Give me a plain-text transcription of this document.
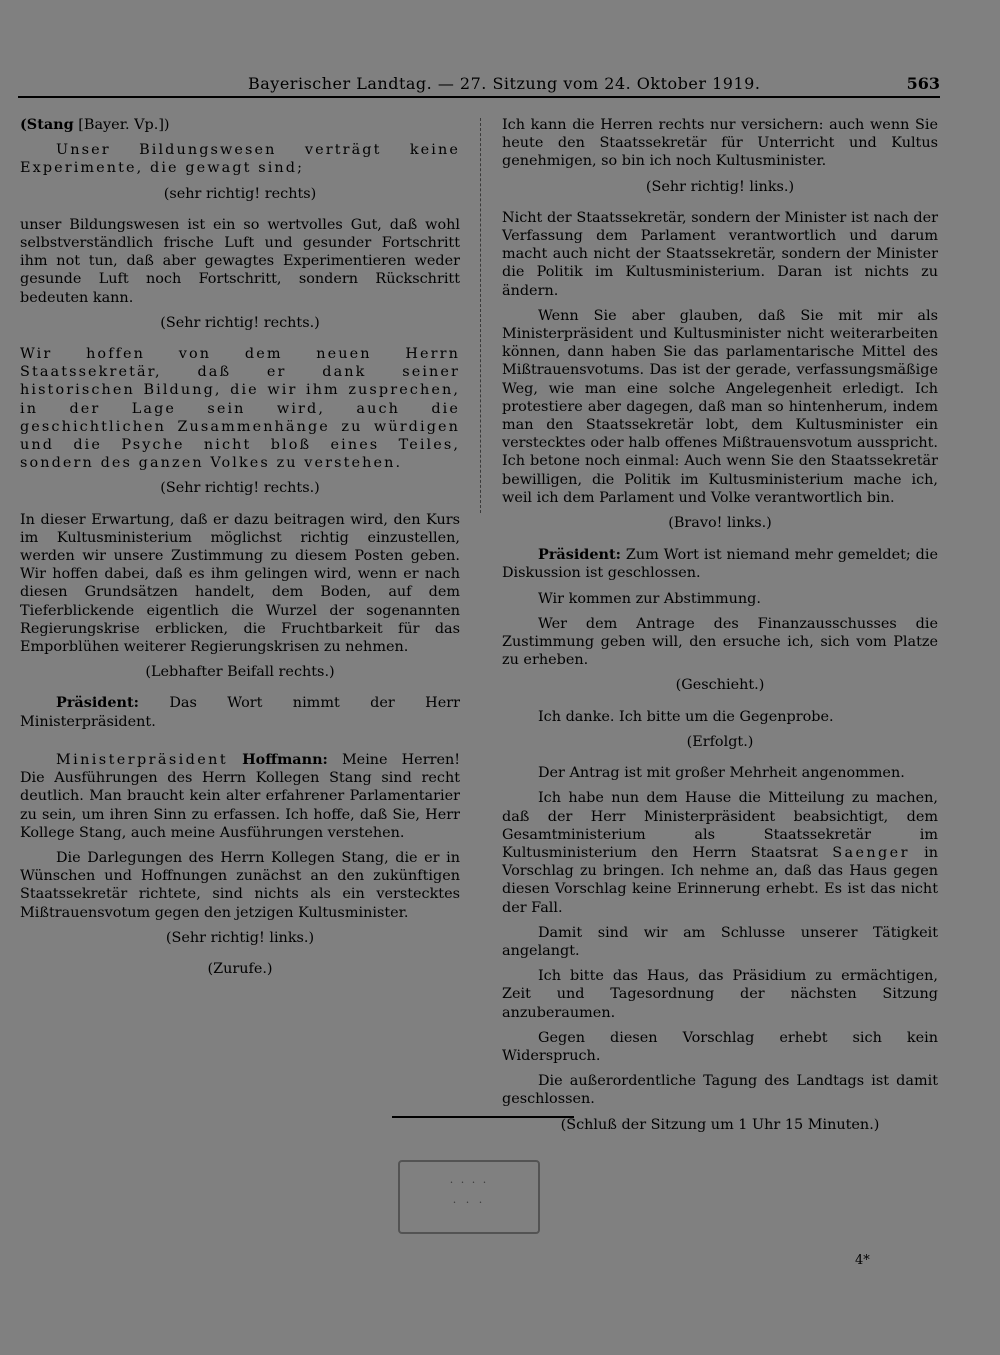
Bayerischer Landtag. — 27. Sitzung vom 24. Oktober 1919.	563

(Stang [Bayer. Vp.])

Unser Bildungswesen verträgt keine Experimente, die gewagt sind;

(sehr richtig! rechts)

unser Bildungswesen ist ein so wertvolles Gut, daß wohl selbstverständlich frische Luft und gesunder Fortschritt ihm not tun, daß aber gewagtes Experimentieren weder gesunde Luft noch Fortschritt, sondern Rückschritt bedeuten kann.

(Sehr richtig! rechts.)

Wir hoffen von dem neuen Herrn Staatssekretär, daß er dank seiner historischen Bildung, die wir ihm zusprechen, in der Lage sein wird, auch die geschichtlichen Zusammenhänge zu würdigen und die Psyche nicht bloß eines Teiles, sondern des ganzen Volkes zu verstehen.

(Sehr richtig! rechts.)

In dieser Erwartung, daß er dazu beitragen wird, den Kurs im Kultusministerium möglichst richtig einzustellen, werden wir unsere Zustimmung zu diesem Posten geben. Wir hoffen dabei, daß es ihm gelingen wird, wenn er nach diesen Grundsätzen handelt, dem Boden, auf dem Tieferblickende eigentlich die Wurzel der sogenannten Regierungskrise erblicken, die Fruchtbarkeit für das Emporblühen weiterer Regierungskrisen zu nehmen.

(Lebhafter Beifall rechts.)

Präsident: Das Wort nimmt der Herr Ministerpräsident.

Ministerpräsident Hoffmann: Meine Herren! Die Ausführungen des Herrn Kollegen Stang sind recht deutlich. Man braucht kein alter erfahrener Parlamentarier zu sein, um ihren Sinn zu erfassen. Ich hoffe, daß Sie, Herr Kollege Stang, auch meine Ausführungen verstehen.

Die Darlegungen des Herrn Kollegen Stang, die er in Wünschen und Hoffnungen zunächst an den zukünftigen Staatssekretär richtete, sind nichts als ein verstecktes Mißtrauensvotum gegen den jetzigen Kultusminister.

(Sehr richtig! links.)

(Zurufe.)

Ich kann die Herren rechts nur versichern: auch wenn Sie heute den Staatssekretär für Unterricht und Kultus genehmigen, so bin ich noch Kultusminister.

(Sehr richtig! links.)

Nicht der Staatssekretär, sondern der Minister ist nach der Verfassung dem Parlament verantwortlich und darum macht auch nicht der Staatssekretär, sondern der Minister die Politik im Kultusministerium. Daran ist nichts zu ändern.

Wenn Sie aber glauben, daß Sie mit mir als Ministerpräsident und Kultusminister nicht weiterarbeiten können, dann haben Sie das parlamentarische Mittel des Mißtrauensvotums. Das ist der gerade, verfassungsmäßige Weg, wie man eine solche Angelegenheit erledigt. Ich protestiere aber dagegen, daß man so hintenherum, indem man den Staatssekretär lobt, dem Kultusminister ein verstecktes oder halb offenes Mißtrauensvotum ausspricht. Ich betone noch einmal: Auch wenn Sie den Staatssekretär bewilligen, die Politik im Kultusministerium mache ich, weil ich dem Parlament und Volke verantwortlich bin.

(Bravo! links.)

Präsident: Zum Wort ist niemand mehr gemeldet; die Diskussion ist geschlossen.

Wir kommen zur Abstimmung.

Wer dem Antrage des Finanzausschusses die Zustimmung geben will, den ersuche ich, sich vom Platze zu erheben.

(Geschieht.)

Ich danke. Ich bitte um die Gegenprobe.

(Erfolgt.)

Der Antrag ist mit großer Mehrheit angenommen.

Ich habe nun dem Hause die Mitteilung zu machen, daß der Herr Ministerpräsident beabsichtigt, dem Gesamtministerium als Staatssekretär im Kultusministerium den Herrn Staatsrat Saenger in Vorschlag zu bringen. Ich nehme an, daß das Haus gegen diesen Vorschlag keine Erinnerung erhebt. Es ist das nicht der Fall.

Damit sind wir am Schlusse unserer Tätigkeit angelangt.

Ich bitte das Haus, das Präsidium zu ermächtigen, Zeit und Tagesordnung der nächsten Sitzung anzuberaumen.

Gegen diesen Vorschlag erhebt sich kein Widerspruch.

Die außerordentliche Tagung des Landtags ist damit geschlossen.

(Schluß der Sitzung um 1 Uhr 15 Minuten.)

· · · ·
· · ·
4*
